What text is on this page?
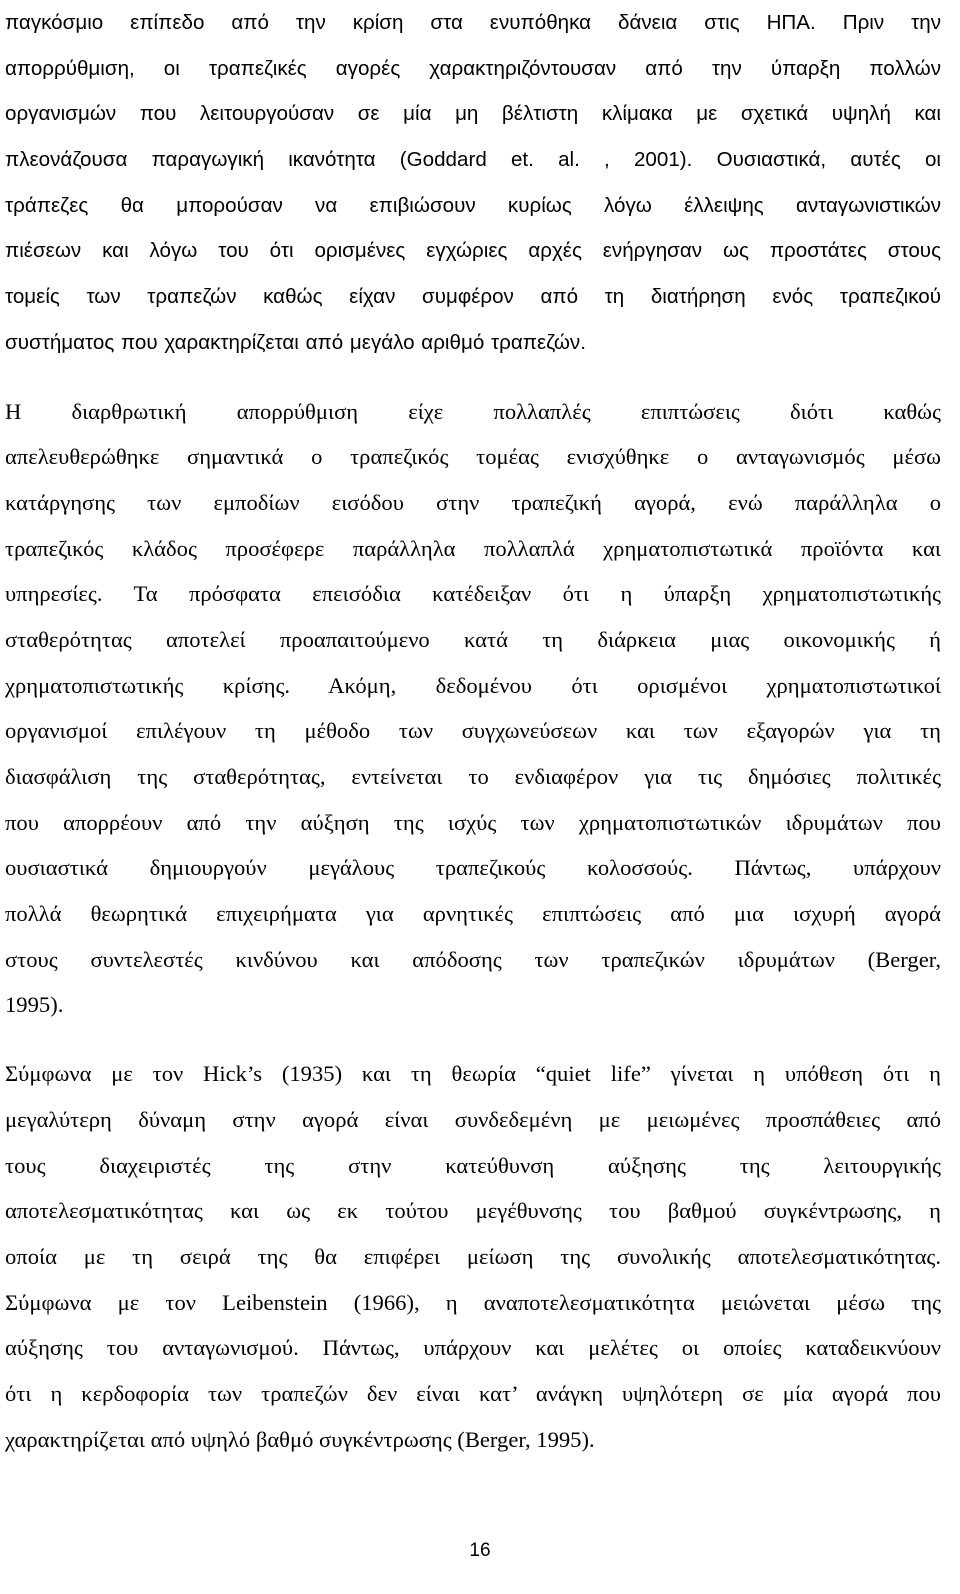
παγκόσμιο επίπεδο από την κρίση στα ενυπόθηκα δάνεια στις ΗΠΑ. Πριν την
απορρύθμιση, οι τραπεζικές αγορές χαρακτηριζόντουσαν από την ύπαρξη πολλών
οργανισμών που λειτουργούσαν σε μία μη βέλτιστη κλίμακα με σχετικά υψηλή και
πλεονάζουσα παραγωγική ικανότητα (Goddard et. al. , 2001). Ουσιαστικά, αυτές οι
τράπεζες θα μπορούσαν να επιβιώσουν κυρίως λόγω έλλειψης ανταγωνιστικών
πιέσεων και λόγω του ότι ορισμένες εγχώριες αρχές ενήργησαν ως προστάτες στους
τομείς των τραπεζών καθώς είχαν συμφέρον από τη διατήρηση ενός τραπεζικού
συστήματος που χαρακτηρίζεται από μεγάλο αριθμό τραπεζών.
Η διαρθρωτική απορρύθμιση είχε πολλαπλές επιπτώσεις διότι καθώς
απελευθερώθηκε σημαντικά ο τραπεζικός τομέας ενισχύθηκε ο ανταγωνισμός μέσω
κατάργησης των εμποδίων εισόδου στην τραπεζική αγορά, ενώ παράλληλα ο
τραπεζικός κλάδος προσέφερε παράλληλα πολλαπλά χρηματοπιστωτικά προϊόντα και
υπηρεσίες. Τα πρόσφατα επεισόδια κατέδειξαν ότι η ύπαρξη χρηματοπιστωτικής
σταθερότητας αποτελεί προαπαιτούμενο κατά τη διάρκεια μιας οικονομικής ή
χρηματοπιστωτικής κρίσης. Ακόμη, δεδομένου ότι ορισμένοι χρηματοπιστωτικοί
οργανισμοί επιλέγουν τη μέθοδο των συγχωνεύσεων και των εξαγορών για τη
διασφάλιση της σταθερότητας, εντείνεται το ενδιαφέρον για τις δημόσιες πολιτικές
που απορρέουν από την αύξηση της ισχύς των χρηματοπιστωτικών ιδρυμάτων που
ουσιαστικά δημιουργούν μεγάλους τραπεζικούς κολοσσούς. Πάντως, υπάρχουν
πολλά θεωρητικά επιχειρήματα για αρνητικές επιπτώσεις από μια ισχυρή αγορά
στους συντελεστές κινδύνου και απόδοσης των τραπεζικών ιδρυμάτων (Berger,
1995).
Σύμφωνα με τον Hick’s (1935) και τη θεωρία “quiet life” γίνεται η υπόθεση ότι η
μεγαλύτερη δύναμη στην αγορά είναι συνδεδεμένη με μειωμένες προσπάθειες από
τους διαχειριστές της στην κατεύθυνση αύξησης της λειτουργικής
αποτελεσματικότητας και ως εκ τούτου μεγέθυνσης του βαθμού συγκέντρωσης, η
οποία με τη σειρά της θα επιφέρει μείωση της συνολικής αποτελεσματικότητας.
Σύμφωνα με τον Leibenstein (1966), η αναποτελεσματικότητα μειώνεται μέσω της
αύξησης του ανταγωνισμού. Πάντως, υπάρχουν και μελέτες οι οποίες καταδεικνύουν
ότι η κερδοφορία των τραπεζών δεν είναι κατ’ ανάγκη υψηλότερη σε μία αγορά που
χαρακτηρίζεται από υψηλό βαθμό συγκέντρωσης (Berger, 1995).
16
